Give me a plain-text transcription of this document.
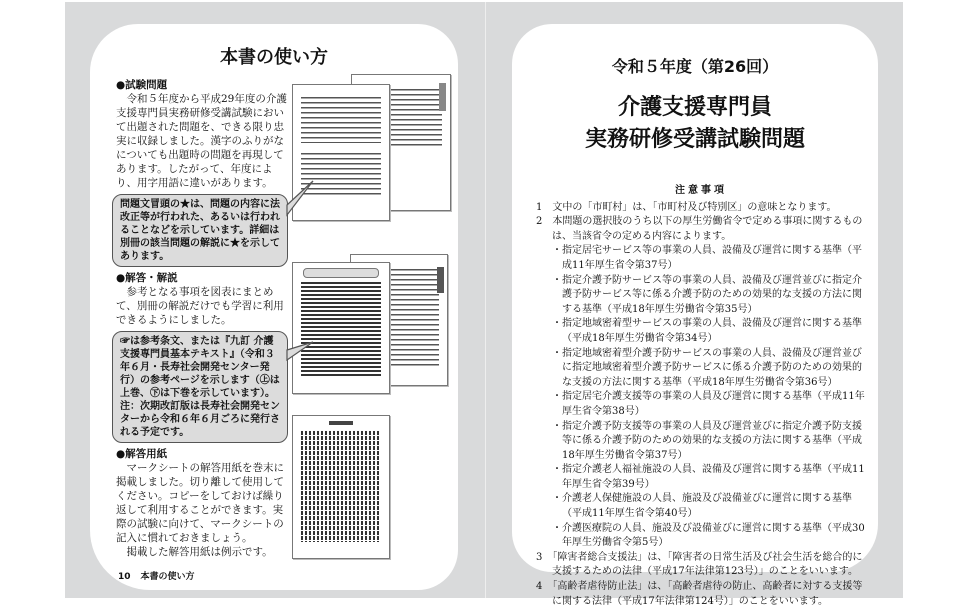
本書の使い方
●試験問題

令和５年度から平成29年度の介護支援専門員実務研修受講試験において出題された問題を、できる限り忠実に収録しました。漢字のふりがなについても出題時の問題を再現してあります。したがって、年度により、用字用語に違いがあります。

問題文冒頭の★は、問題の内容に法改正等が行われた、あるいは行われることなどを示しています。詳細は別冊の該当問題の解説に★を示してあります。
●解答・解説

参考となる事項を図表にまとめて、別冊の解説だけでも学習に利用できるようにしました。

☞は参考条文、または『九訂 介護支援専門員基本テキスト』（令和３年６月・長寿社会開発センター発行）の参考ページを示します（㊤は上巻、㊦は下巻を示しています）。注：次期改訂版は長寿社会開発センターから令和６年６月ごろに発行される予定です。
●解答用紙

マークシートの解答用紙を巻末に掲載しました。切り離して使用してください。コピーをしておけば繰り返して利用することができます。実際の試験に向けて、マークシートの記入に慣れておきましょう。

掲載した解答用紙は例示です。

10 本書の使い方
令和５年度（第26回）
介護支援専門員
実務研修受講試験問題
注意事項
1　文中の「市町村」は、「市町村及び特別区」の意味となります。
2　本問題の選択肢のうち以下の厚生労働省令で定める事項に関するものは、当該省令の定める内容によります。
・指定居宅サービス等の事業の人員、設備及び運営に関する基準（平成11年厚生省令第37号）
・指定介護予防サービス等の事業の人員、設備及び運営並びに指定介護予防サービス等に係る介護予防のための効果的な支援の方法に関する基準（平成18年厚生労働省令第35号）
・指定地域密着型サービスの事業の人員、設備及び運営に関する基準（平成18年厚生労働省令第34号）
・指定地域密着型介護予防サービスの事業の人員、設備及び運営並びに指定地域密着型介護予防サービスに係る介護予防のための効果的な支援の方法に関する基準（平成18年厚生労働省令第36号）
・指定居宅介護支援等の事業の人員及び運営に関する基準（平成11年厚生省令第38号）
・指定介護予防支援等の事業の人員及び運営並びに指定介護予防支援等に係る介護予防のための効果的な支援の方法に関する基準（平成18年厚生労働省令第37号）
・指定介護老人福祉施設の人員、設備及び運営に関する基準（平成11年厚生省令第39号）
・介護老人保健施設の人員、施設及び設備並びに運営に関する基準（平成11年厚生省令第40号）
・介護医療院の人員、施設及び設備並びに運営に関する基準（平成30年厚生労働省令第5号）
3　「障害者総合支援法」は、「障害者の日常生活及び社会生活を総合的に支援するための法律（平成17年法律第123号）」のことをいいます。
4　「高齢者虐待防止法」は、「高齢者虐待の防止、高齢者に対する支援等に関する法律（平成17年法律第124号）」のことをいいます。
